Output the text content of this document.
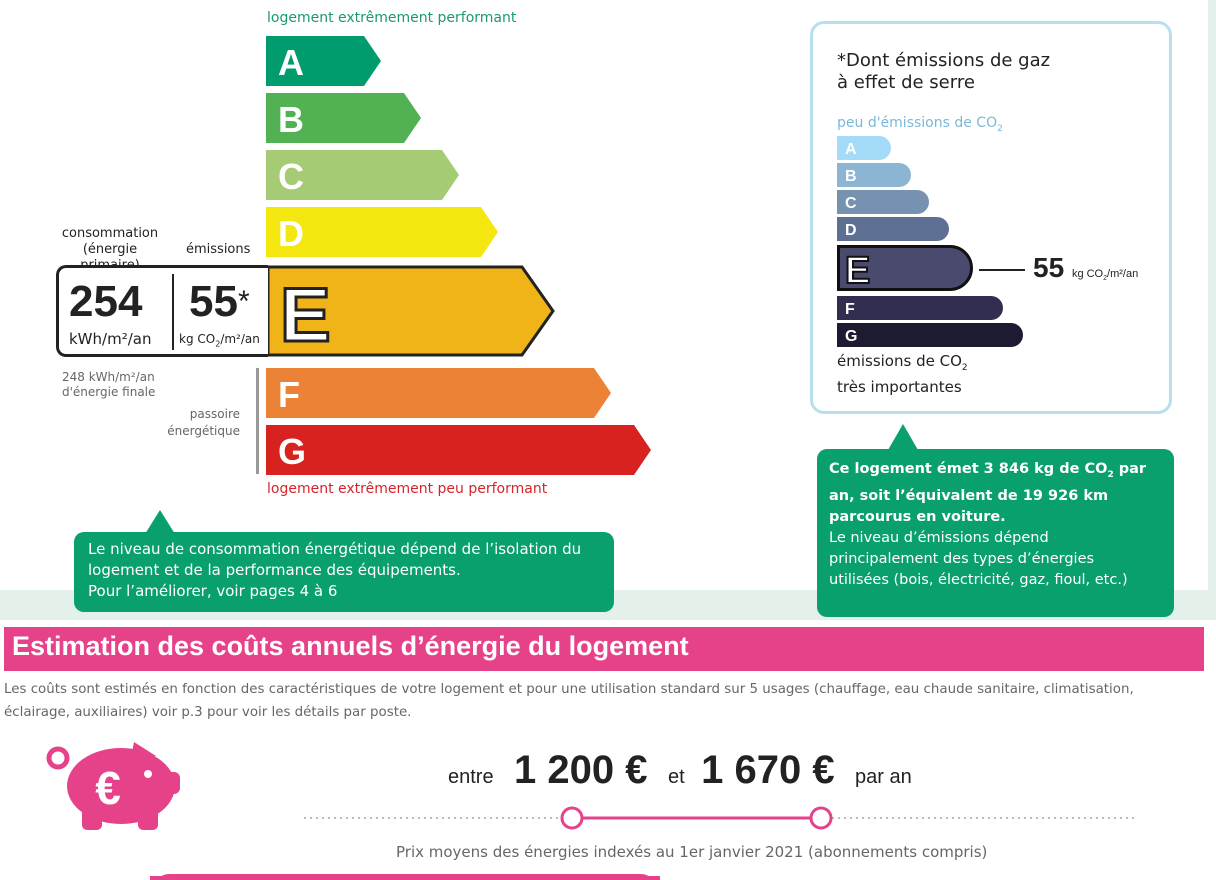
logement extrêmement performant
A
B
C
D
E
F
G
logement extrêmement peu performant
consommation
(énergie	émissions
254
kWh/m²/an
55*
kg $CO_2/m^2/an$
248 kWh/m²/an
d'énergie finale
passoire
énergétique
Le niveau de consommation énergétique dépend de l’isolation du
logement et de la performance des équipements.
Pour l’améliorer, voir pages 4 à 6
*Dont émissions de gaz
à effet de serre
peu d'émissions de $CO_2$
A
B
C
D
E
F
G
55 kg $CO_2/m^2/an$
émissions de $CO_2$
très importantes
Ce logement émet 3 846 kg de $CO_2$ par
an, soit l’équivalent de 19 926 km
parcourus en voiture.
Le niveau d’émissions dépend
principalement des types d’énergies
utilisées (bois, électricité, gaz, fioul, etc.)
Estimation des coûts annuels d’énergie du logement
Les coûts sont estimés en fonction des caractéristiques de votre logement et pour une utilisation standard sur 5 usages (chauffage, eau chaude sanitaire, climatisation,
éclairage, auxiliaires) voir p.3 pour voir les détails par poste.
€	entre 1 200 € et 1 670 € par an
Prix moyens des énergies indexés au 1er janvier 2021 (abonnements compris)
